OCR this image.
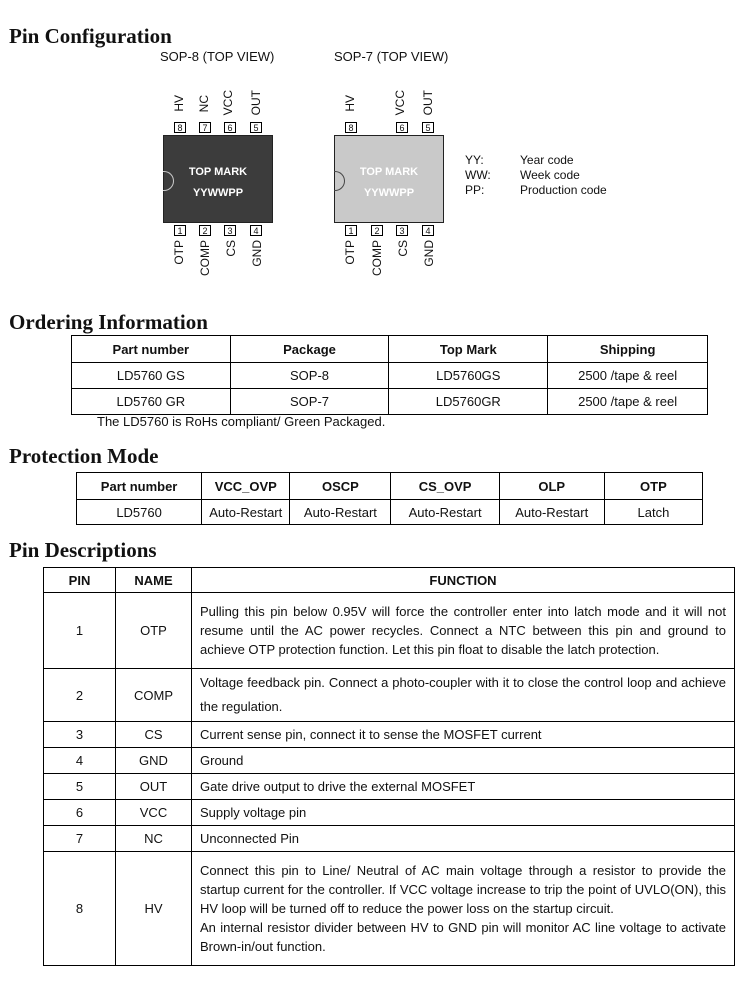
Pin Configuration
SOP-8 (TOP VIEW)
HV NC VCC OUT
8	7	6	5
TOP MARK
YYWWPP
1	2	3	4
OTP COMP CS GND
SOP-7 (TOP VIEW)
HV	VCC OUT
8	6	5
TOP MARK
YYWWPP
1	2	3	4
OTP COMP CS GND
YY:	Year code
WW: Week code
PP:	Production code
Ordering Information
Part number	Package	Top Mark	Shipping
LD5760 GS	SOP-8	LD5760GS	2500 /tape & reel
LD5760 GR	SOP-7	LD5760GR	2500 /tape & reel
The LD5760 is RoHs compliant/ Green Packaged.
Protection Mode
Part number	VCC_OVP	OSCP	CS_OVP	OLP	OTP
LD5760	Auto-Restart	Auto-Restart	Auto-Restart	Auto-Restart	Latch
Pin Descriptions
PIN	NAME	FUNCTION
1	OTP	Pulling this pin below 0.95V will force the controller enter into latch mode and it will not resume until the AC power recycles. Connect a NTC between this pin and ground to achieve OTP protection function. Let this pin float to disable the latch protection.
2	COMP	Voltage feedback pin. Connect a photo-coupler with it to close the control loop and achieve the regulation.
3	CS	Current sense pin, connect it to sense the MOSFET current
4	GND	Ground
5	OUT	Gate drive output to drive the external MOSFET
6	VCC	Supply voltage pin
7	NC	Unconnected Pin
8	HV	Connect this pin to Line/ Neutral of AC main voltage through a resistor to provide the startup current for the controller. If VCC voltage increase to trip the point of UVLO(ON), this HV loop will be turned off to reduce the power loss on the startup circuit.
An internal resistor divider between HV to GND pin will monitor AC line voltage to activate Brown-in/out function.
